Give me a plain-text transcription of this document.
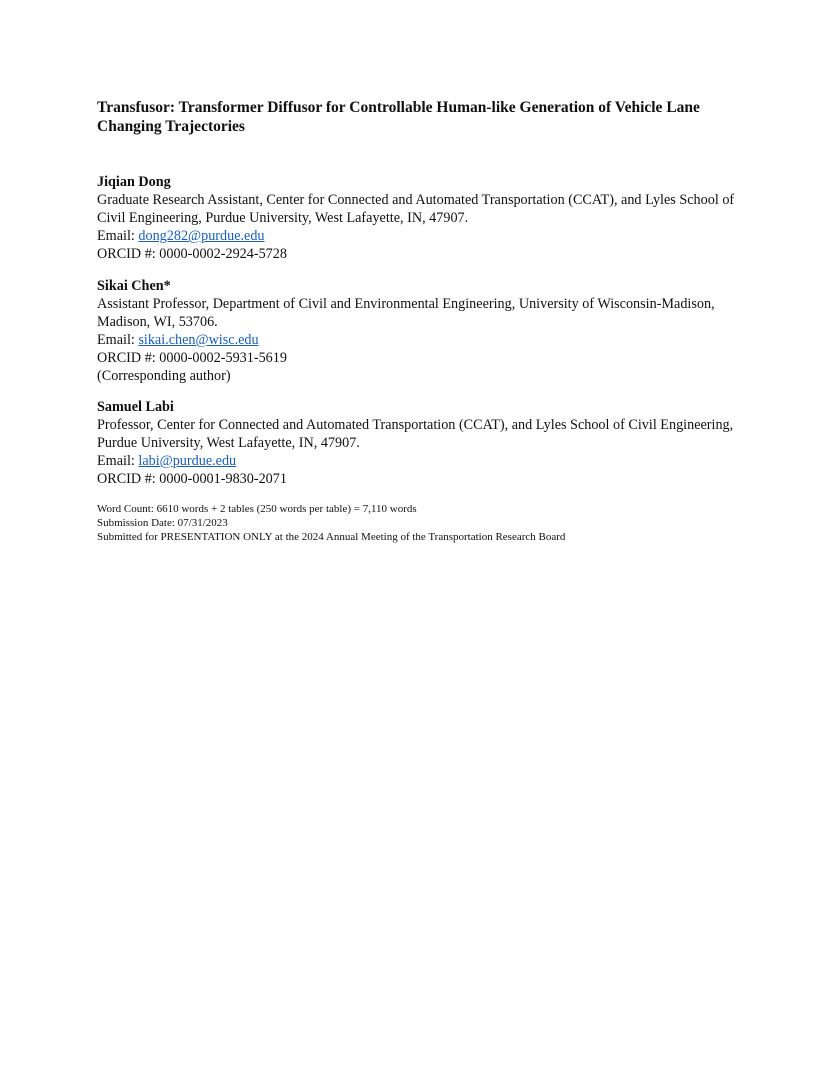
Transfusor: Transformer Diffusor for Controllable Human-like Generation of Vehicle Lane Changing Trajectories
Jiqian Dong
Graduate Research Assistant, Center for Connected and Automated Transportation (CCAT), and Lyles School of Civil Engineering, Purdue University, West Lafayette, IN, 47907.
Email: dong282@purdue.edu
ORCID #: 0000-0002-2924-5728
Sikai Chen*
Assistant Professor, Department of Civil and Environmental Engineering, University of Wisconsin-Madison, Madison, WI, 53706.
Email: sikai.chen@wisc.edu
ORCID #: 0000-0002-5931-5619
(Corresponding author)
Samuel Labi
Professor, Center for Connected and Automated Transportation (CCAT), and Lyles School of Civil Engineering, Purdue University, West Lafayette, IN, 47907.
Email: labi@purdue.edu
ORCID #: 0000-0001-9830-2071
Word Count: 6610 words + 2 tables (250 words per table) = 7,110 words
Submission Date: 07/31/2023
Submitted for PRESENTATION ONLY at the 2024 Annual Meeting of the Transportation Research Board
